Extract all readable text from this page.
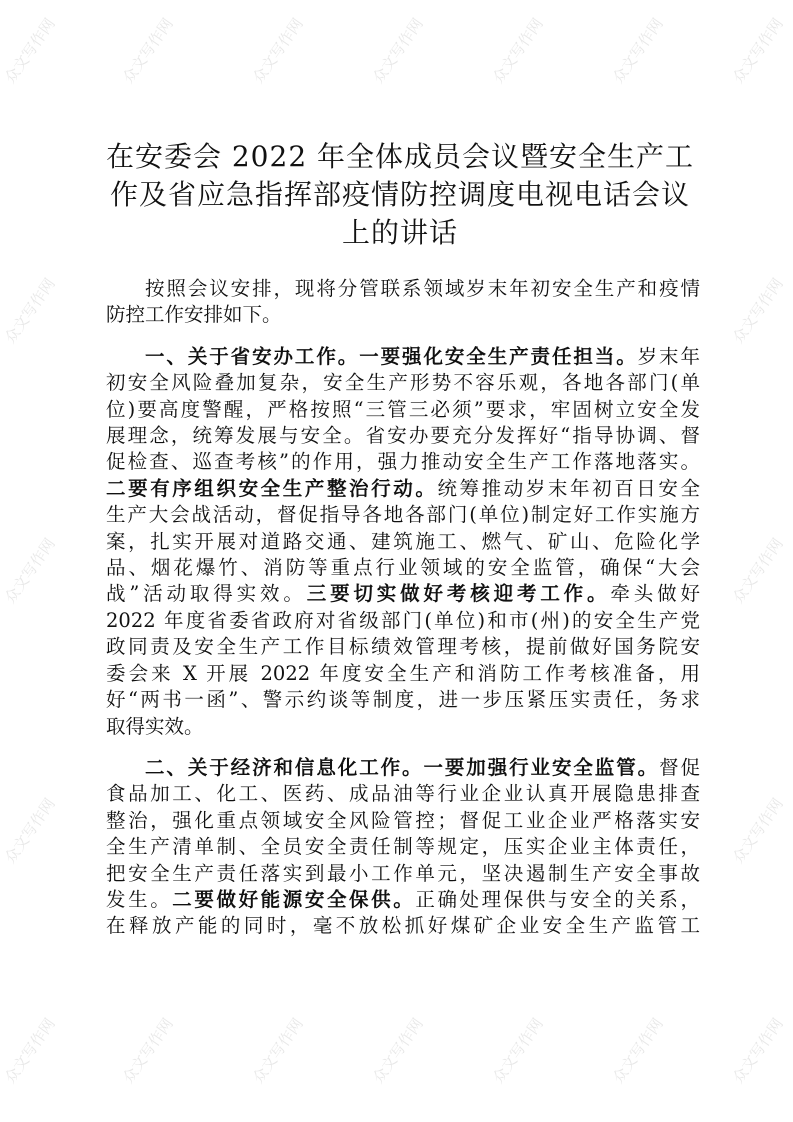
众文写作网	众文写作网	众文写作网	众文写作网	众文写作网	众文写作网	众文写作网
众文写作网	众文写作网
众文写作网	众文写作网
众文写作网	众文写作网
众文写作网	众文写作网	众文写作网	众文写作网	众文写作网	众文写作网	众文写作网
在安委会 2022 年全体成员会议暨安全生产工
作及省应急指挥部疫情防控调度电视电话会议
上的讲话

按照会议安排，现将分管联系领域岁末年初安全生产和疫情
防控工作安排如下。

一、关于省安办工作。一要强化安全生产责任担当。岁末年
初安全风险叠加复杂，安全生产形势不容乐观，各地各部门(单
位)要高度警醒，严格按照“三管三必须”要求，牢固树立安全发
展理念，统筹发展与安全。省安办要充分发挥好“指导协调、督
促检查、巡查考核”的作用，强力推动安全生产工作落地落实。
二要有序组织安全生产整治行动。统筹推动岁末年初百日安全
生产大会战活动，督促指导各地各部门(单位)制定好工作实施方
案，扎实开展对道路交通、建筑施工、燃气、矿山、危险化学
品、烟花爆竹、消防等重点行业领域的安全监管，确保“大会
战”活动取得实效。三要切实做好考核迎考工作。牵头做好
2022 年度省委省政府对省级部门(单位)和市(州)的安全生产党
政同责及安全生产工作目标绩效管理考核，提前做好国务院安
委会来 X 开展 2022 年度安全生产和消防工作考核准备，用
好“两书一函”、警示约谈等制度，进一步压紧压实责任，务求
取得实效。

二、关于经济和信息化工作。一要加强行业安全监管。督促
食品加工、化工、医药、成品油等行业企业认真开展隐患排查
整治，强化重点领域安全风险管控；督促工业企业严格落实安
全生产清单制、全员安全责任制等规定，压实企业主体责任，
把安全生产责任落实到最小工作单元，坚决遏制生产安全事故
发生。二要做好能源安全保供。正确处理保供与安全的关系，
在释放产能的同时，毫不放松抓好煤矿企业安全生产监管工
